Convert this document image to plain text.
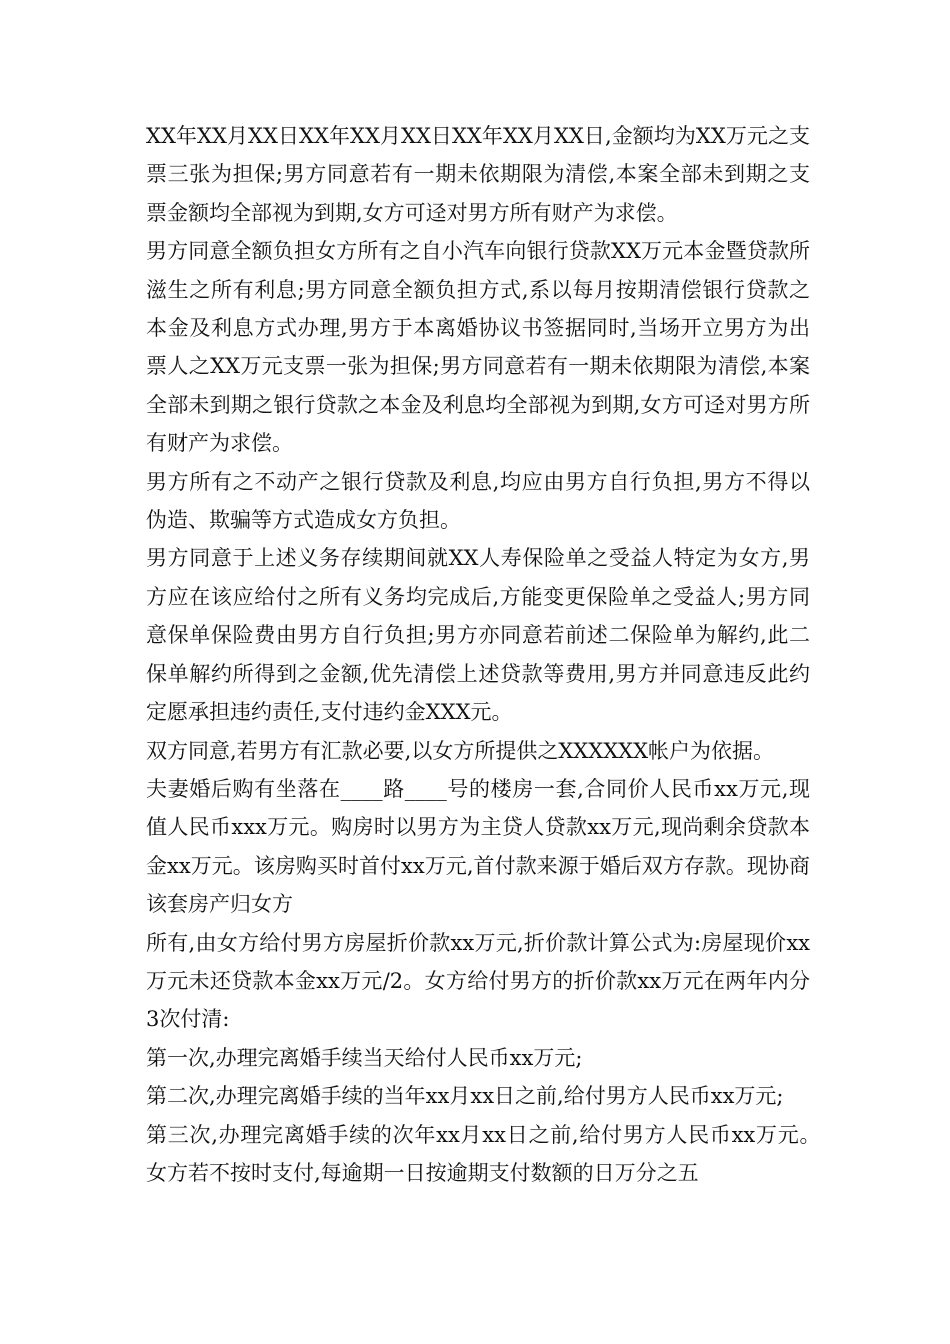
XX年XX月XX日XX年XX月XX日XX年XX月XX日,金额均为XX万元之支票三张为担保;男方同意若有一期未依期限为清偿,本案全部未到期之支票金额均全部视为到期,女方可迳对男方所有财产为求偿。

男方同意全额负担女方所有之自小汽车向银行贷款XX万元本金暨贷款所滋生之所有利息;男方同意全额负担方式,系以每月按期清偿银行贷款之本金及利息方式办理,男方于本离婚协议书签据同时,当场开立男方为出票人之XX万元支票一张为担保;男方同意若有一期未依期限为清偿,本案全部未到期之银行贷款之本金及利息均全部视为到期,女方可迳对男方所有财产为求偿。

男方所有之不动产之银行贷款及利息,均应由男方自行负担,男方不得以伪造、欺骗等方式造成女方负担。

男方同意于上述义务存续期间就XX人寿保险单之受益人特定为女方,男方应在该应给付之所有义务均完成后,方能变更保险单之受益人;男方同意保单保险费由男方自行负担;男方亦同意若前述二保险单为解约,此二保单解约所得到之金额,优先清偿上述贷款等费用,男方并同意违反此约定愿承担违约责任,支付违约金XXX元。

双方同意,若男方有汇款必要,以女方所提供之XXXXXX帐户为依据。

夫妻婚后购有坐落在____路____号的楼房一套,合同价人民币xx万元,现值人民币xxx万元。购房时以男方为主贷人贷款xx万元,现尚剩余贷款本金xx万元。该房购买时首付xx万元,首付款来源于婚后双方存款。现协商该套房产归女方

所有,由女方给付男方房屋折价款xx万元,折价款计算公式为:房屋现价xx万元未还贷款本金xx万元/2。女方给付男方的折价款xx万元在两年内分3次付清:

第一次,办理完离婚手续当天给付人民币xx万元;

第二次,办理完离婚手续的当年xx月xx日之前,给付男方人民币xx万元;

第三次,办理完离婚手续的次年xx月xx日之前,给付男方人民币xx万元。　　女方若不按时支付,每逾期一日按逾期支付数额的日万分之五
